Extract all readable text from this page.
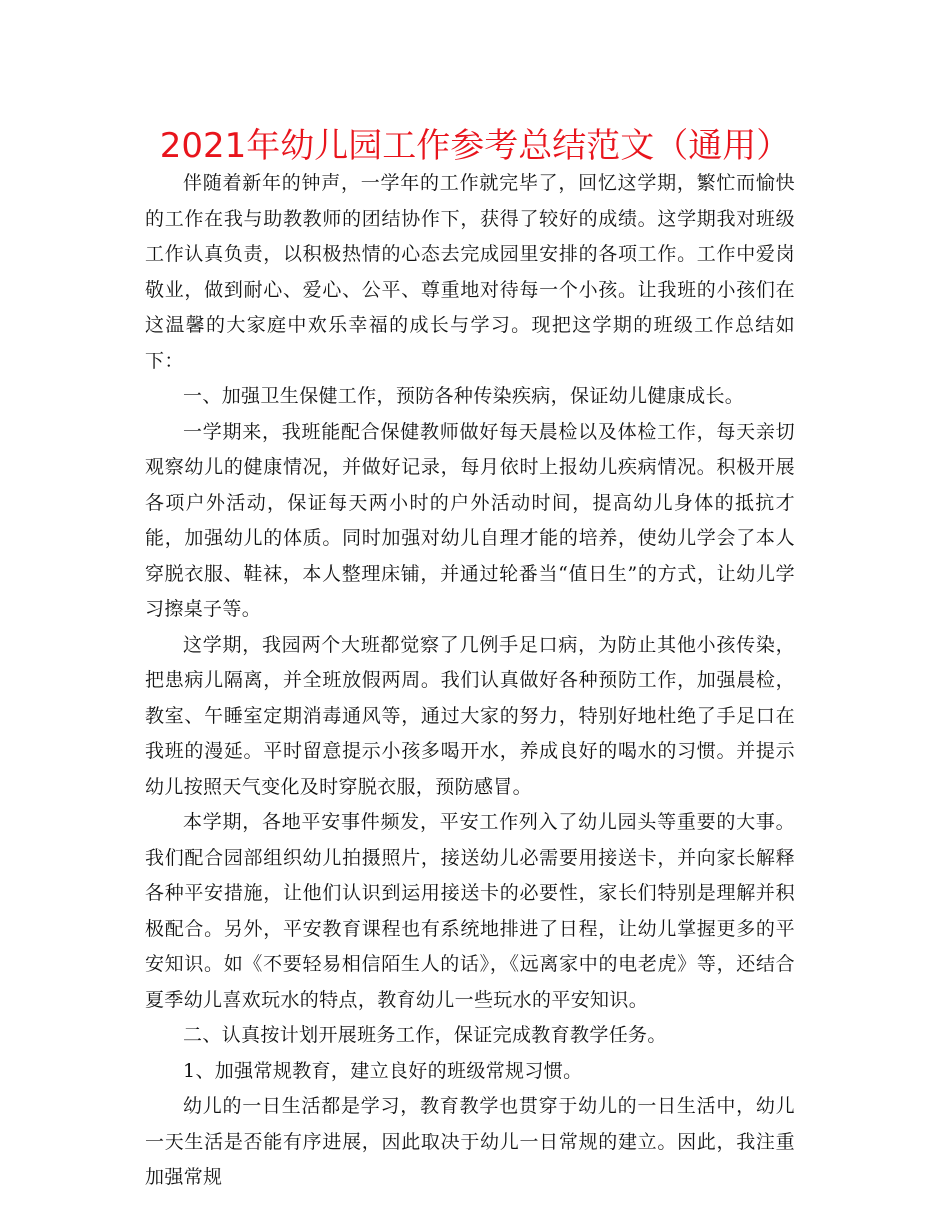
2021年幼儿园工作参考总结范文（通用）

伴随着新年的钟声，一学年的工作就完毕了，回忆这学期，繁忙而愉快的工作在我与助教教师的团结协作下，获得了较好的成绩。这学期我对班级工作认真负责，以积极热情的心态去完成园里安排的各项工作。工作中爱岗敬业，做到耐心、爱心、公平、尊重地对待每一个小孩。让我班的小孩们在这温馨的大家庭中欢乐幸福的成长与学习。现把这学期的班级工作总结如下：

一、加强卫生保健工作，预防各种传染疾病，保证幼儿健康成长。

一学期来，我班能配合保健教师做好每天晨检以及体检工作，每天亲切观察幼儿的健康情况，并做好记录，每月依时上报幼儿疾病情况。积极开展各项户外活动，保证每天两小时的户外活动时间，提高幼儿身体的抵抗才能，加强幼儿的体质。同时加强对幼儿自理才能的培养，使幼儿学会了本人穿脱衣服、鞋袜，本人整理床铺，并通过轮番当“值日生”的方式，让幼儿学习擦桌子等。

这学期，我园两个大班都觉察了几例手足口病，为防止其他小孩传染，把患病儿隔离，并全班放假两周。我们认真做好各种预防工作，加强晨检，教室、午睡室定期消毒通风等，通过大家的努力，特别好地杜绝了手足口在我班的漫延。平时留意提示小孩多喝开水，养成良好的喝水的习惯。并提示幼儿按照天气变化及时穿脱衣服，预防感冒。

本学期，各地平安事件频发，平安工作列入了幼儿园头等重要的大事。我们配合园部组织幼儿拍摄照片，接送幼儿必需要用接送卡，并向家长解释各种平安措施，让他们认识到运用接送卡的必要性，家长们特别是理解并积极配合。另外，平安教育课程也有系统地排进了日程，让幼儿掌握更多的平安知识。如《不要轻易相信陌生人的话》，《远离家中的电老虎》等，还结合夏季幼儿喜欢玩水的特点，教育幼儿一些玩水的平安知识。

二、认真按计划开展班务工作，保证完成教育教学任务。

1、加强常规教育，建立良好的班级常规习惯。

幼儿的一日生活都是学习，教育教学也贯穿于幼儿的一日生活中，幼儿一天生活是否能有序进展，因此取决于幼儿一日常规的建立。因此，我注重加强常规
